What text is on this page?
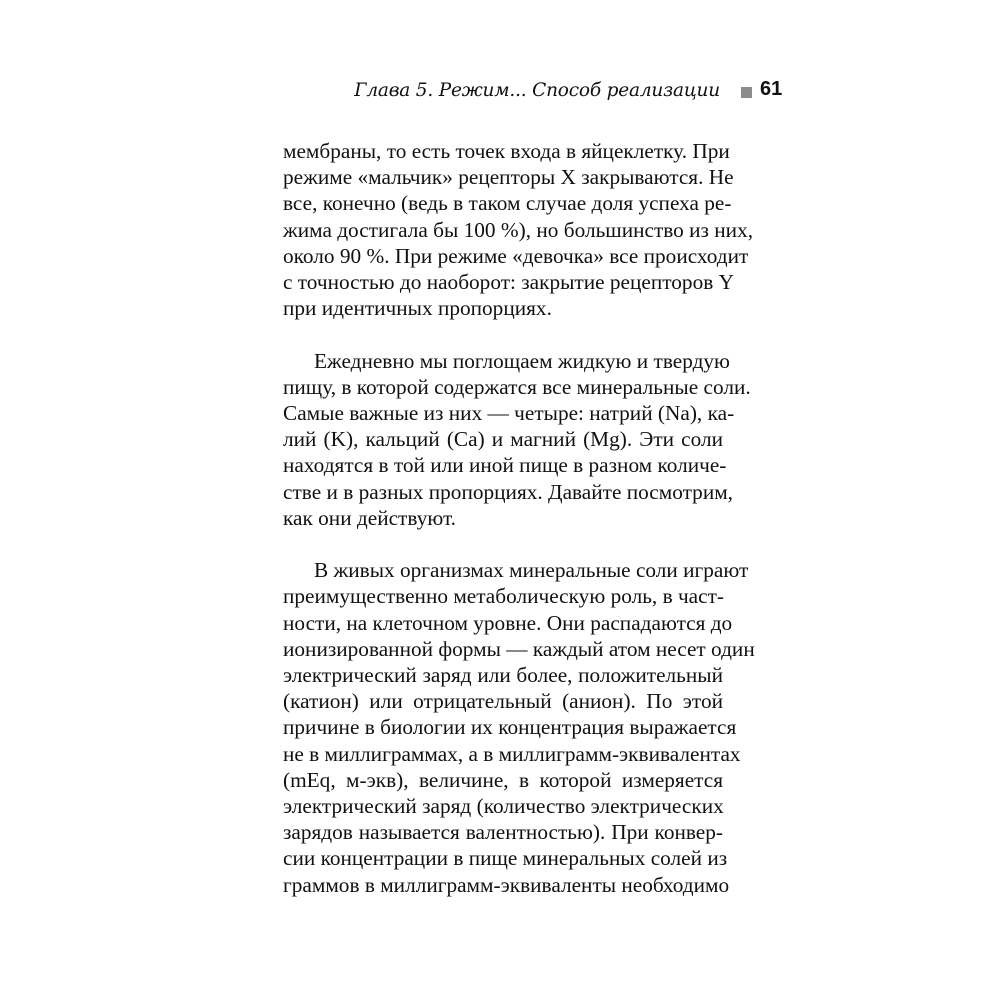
Глава 5. Режим... Способ реализации 61

мембраны, то есть точек входа в яйцеклетку. При
режиме «мальчик» рецепторы X закрываются. Не
все, конечно (ведь в таком случае доля успеха ре-
жима достигала бы 100 %), но большинство из них,
около 90 %. При режиме «девочка» все происходит
с точностью до наоборот: закрытие рецепторов Y
при идентичных пропорциях.

Ежедневно мы поглощаем жидкую и твердую
пищу, в которой содержатся все минеральные соли.
Самые важные из них — четыре: натрий (Na), ка-
лий (K), кальций (Ca) и магний (Mg). Эти соли
находятся в той или иной пище в разном количе-
стве и в разных пропорциях. Давайте посмотрим,
как они действуют.

В живых организмах минеральные соли играют
преимущественно метаболическую роль, в част-
ности, на клеточном уровне. Они распадаются до
ионизированной формы — каждый атом несет один
электрический заряд или более, положительный
(катион) или отрицательный (анион). По этой
причине в биологии их концентрация выражается
не в миллиграммах, а в миллиграмм-эквивалентах
(mEq, м-экв), величине, в которой измеряется
электрический заряд (количество электрических
зарядов называется валентностью). При конвер-
сии концентрации в пище минеральных солей из
граммов в миллиграмм-эквиваленты необходимо
